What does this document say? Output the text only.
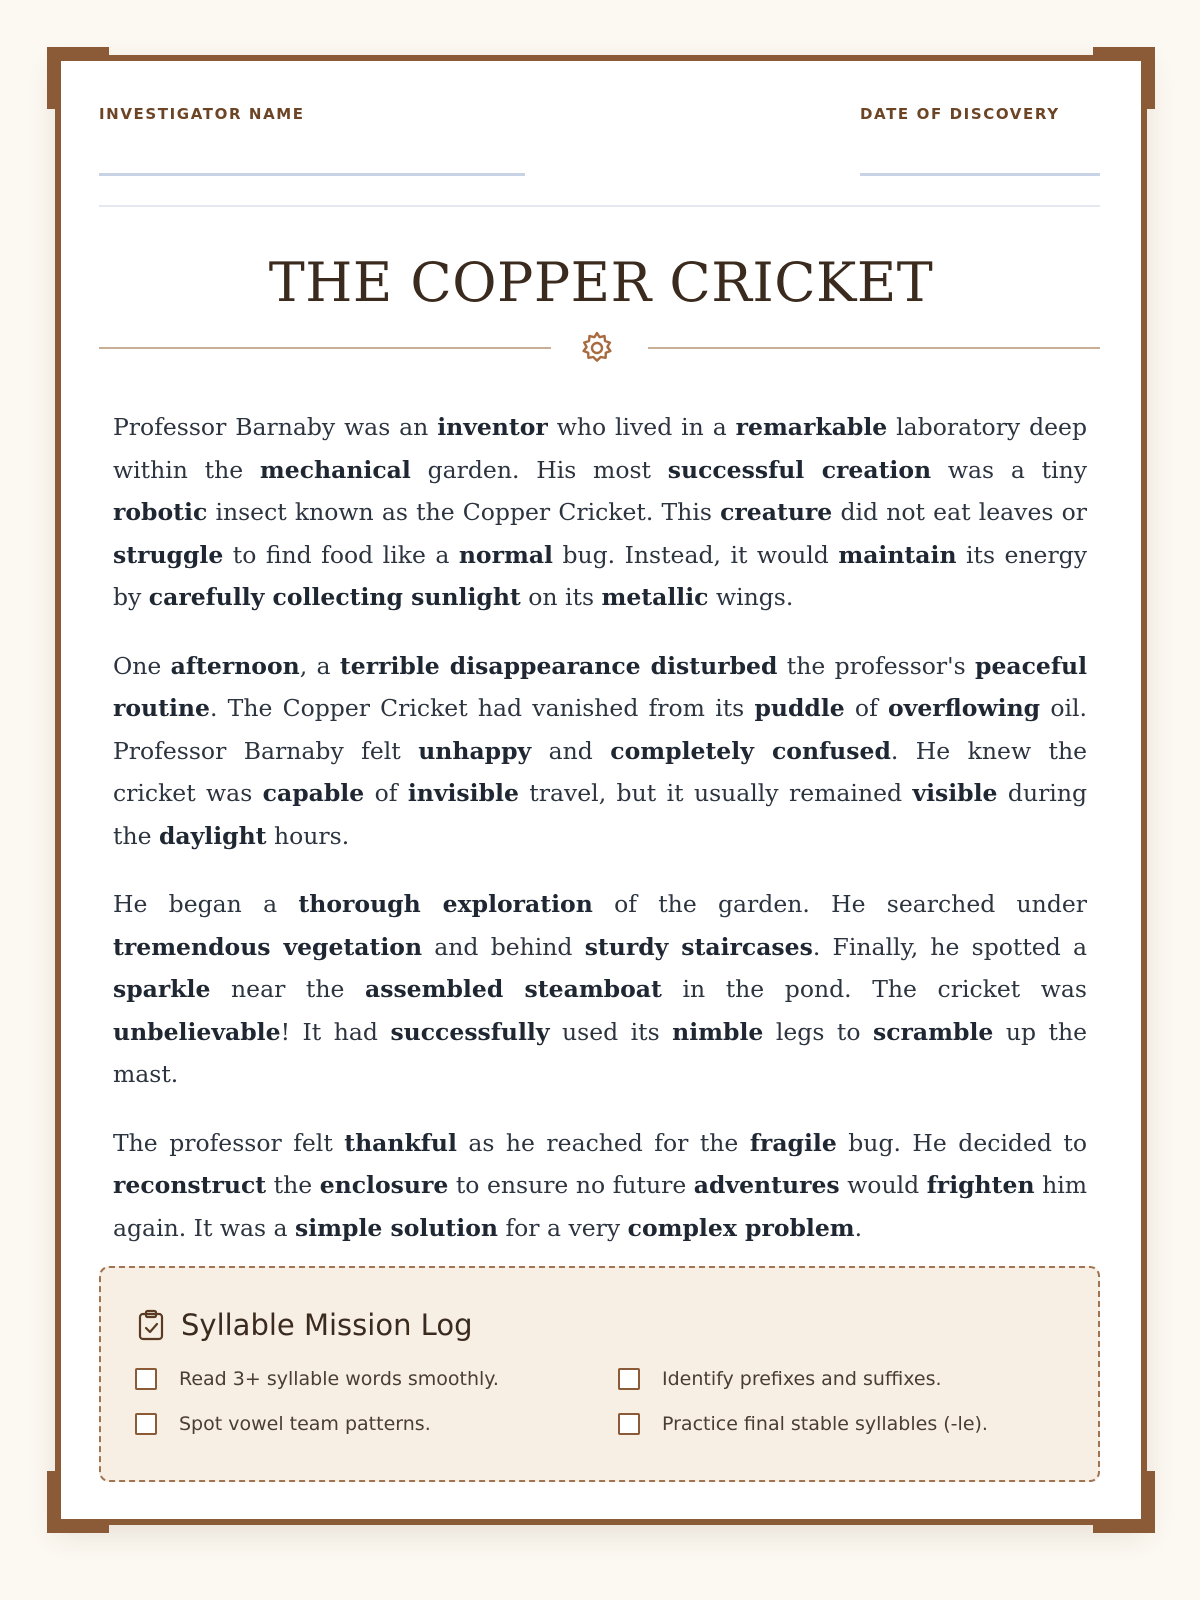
INVESTIGATOR NAME	DATE OF DISCOVERY
THE COPPER CRICKET

Professor Barnaby was an inventor who lived in a remarkable laboratory deep within the mechanical garden. His most successful creation was a tiny robotic insect known as the Copper Cricket. This creature did not eat leaves or struggle to find food like a normal bug. Instead, it would maintain its energy by carefully collecting sunlight on its metallic wings.

One afternoon, a terrible disappearance disturbed the professor's peaceful routine. The Copper Cricket had vanished from its puddle of overflowing oil. Professor Barnaby felt unhappy and completely confused. He knew the cricket was capable of invisible travel, but it usually remained visible during the daylight hours.

He began a thorough exploration of the garden. He searched under tremendous vegetation and behind sturdy staircases. Finally, he spotted a sparkle near the assembled steamboat in the pond. The cricket was unbelievable! It had successfully used its nimble legs to scramble up the mast.

The professor felt thankful as he reached for the fragile bug. He decided to reconstruct the enclosure to ensure no future adventures would frighten him again. It was a simple solution for a very complex problem.

Syllable Mission Log
Read 3+ syllable words smoothly.	Identify prefixes and suffixes.
Spot vowel team patterns.	Practice final stable syllables (-le).
